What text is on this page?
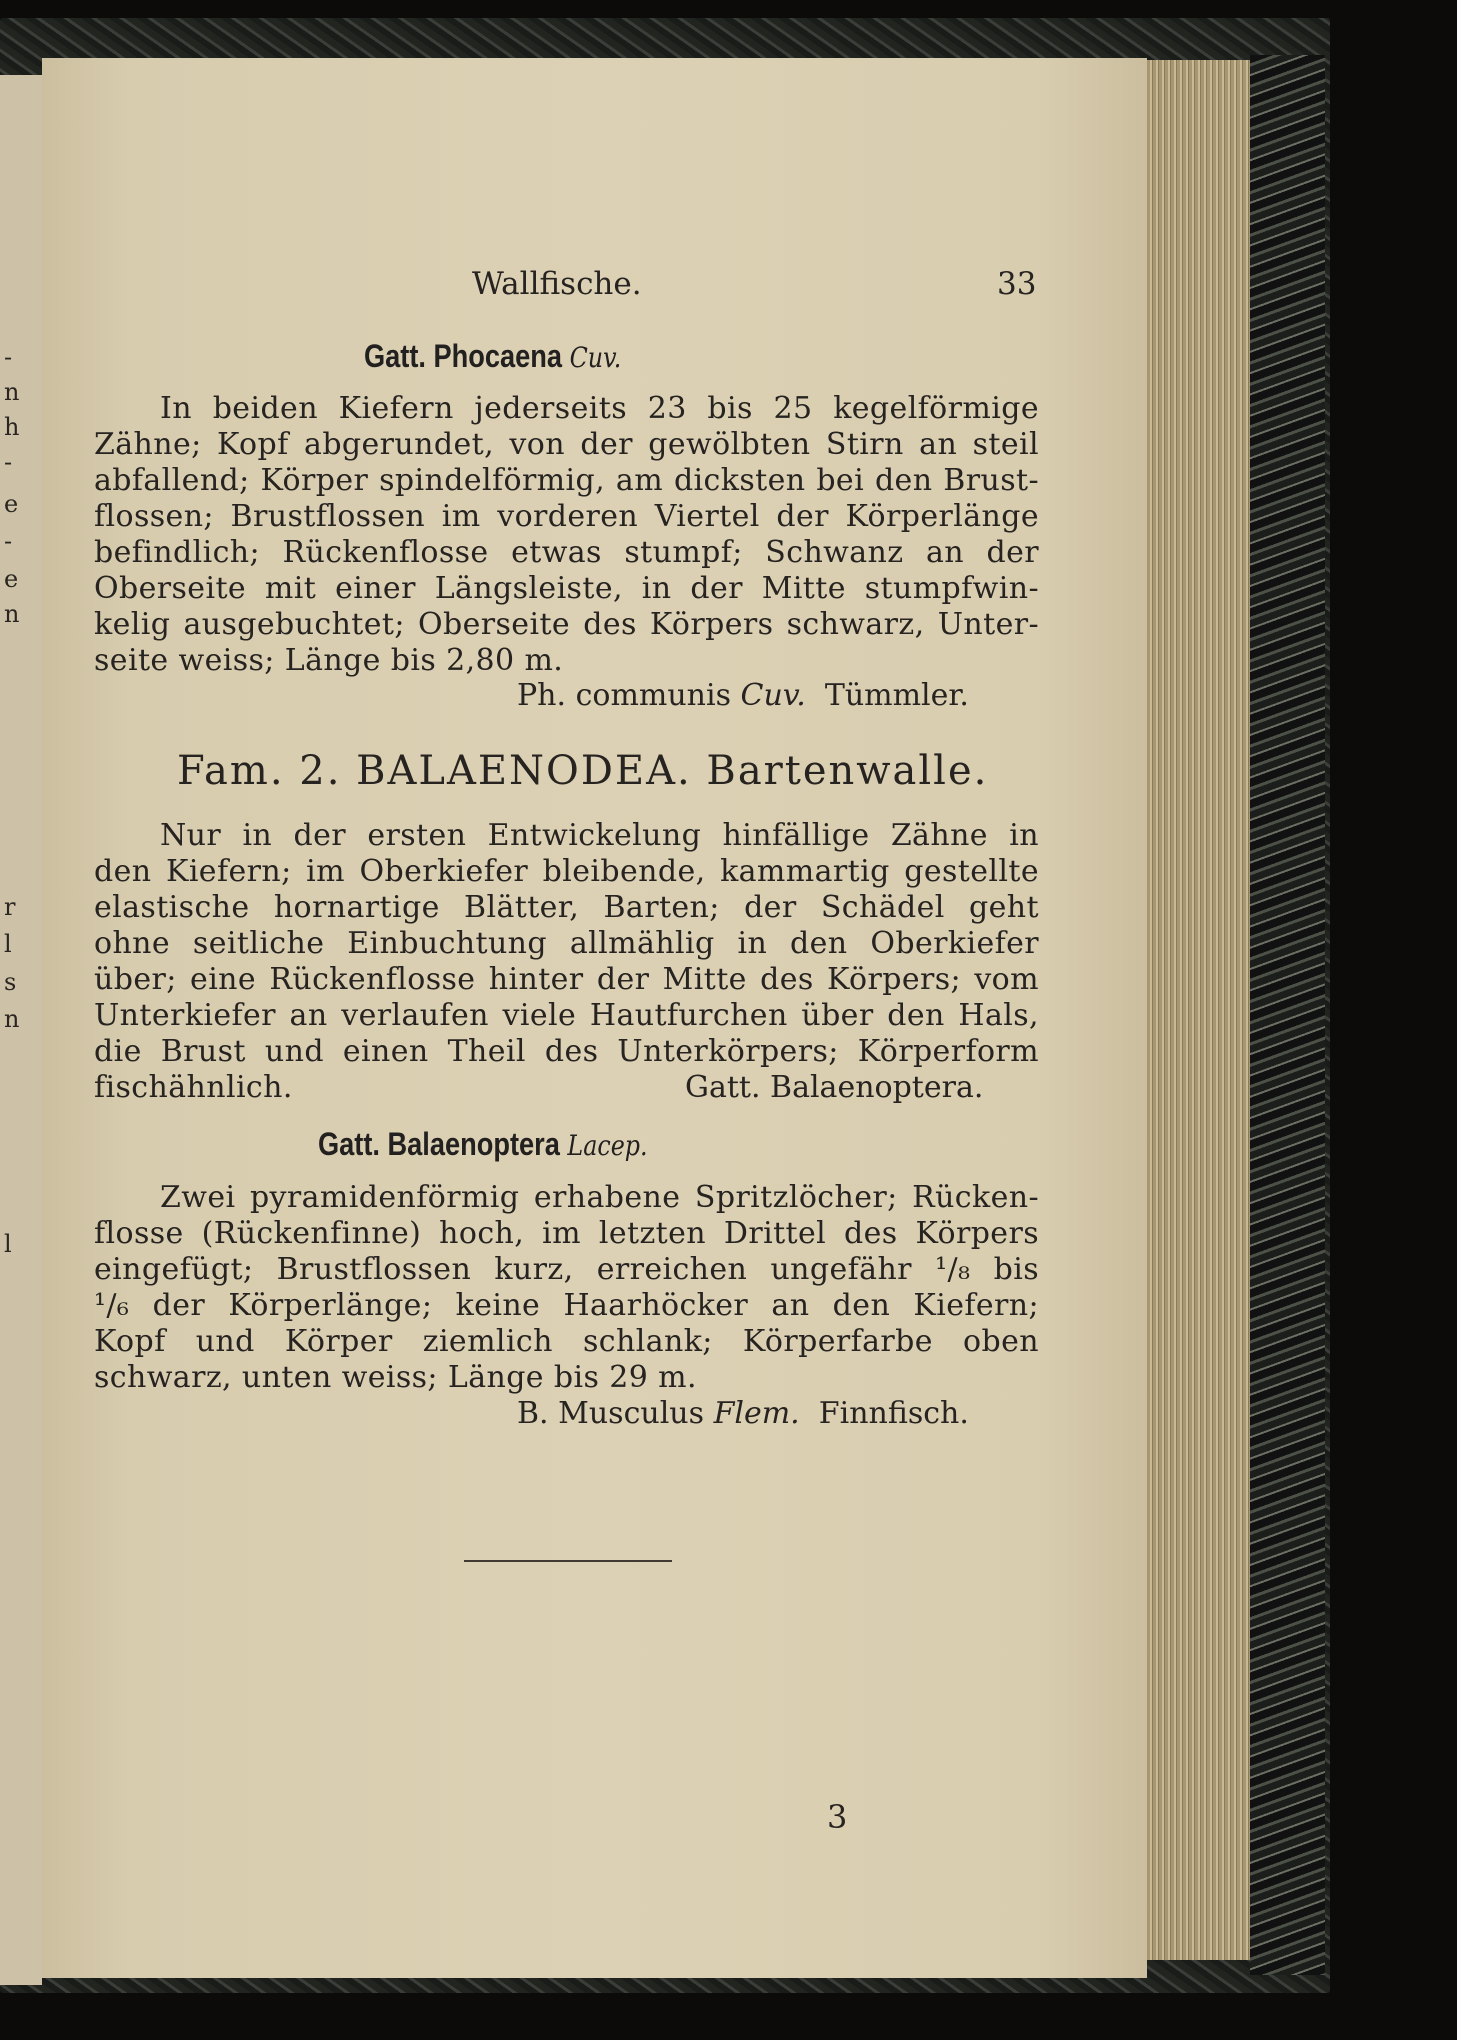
-
n
h
-
e
-
e
n
r
l
s
n
l
Wallfische.	33
Gatt. Phocaena Cuv.
In beiden Kiefern jederseits 23 bis 25 kegelförmige
Zähne; Kopf abgerundet, von der gewölbten Stirn an steil
abfallend; Körper spindelförmig, am dicksten bei den Brust-
flossen; Brustflossen im vorderen Viertel der Körperlänge
befindlich; Rückenflosse etwas stumpf; Schwanz an der
Oberseite mit einer Längsleiste, in der Mitte stumpfwin-
kelig ausgebuchtet; Oberseite des Körpers schwarz, Unter-
seite weiss; Länge bis 2,80 m.
Ph. communis Cuv. Tümmler.
Fam. 2. BALAENODEA. Bartenwalle.
Nur in der ersten Entwickelung hinfällige Zähne in
den Kiefern; im Oberkiefer bleibende, kammartig gestellte
elastische hornartige Blätter, Barten; der Schädel geht
ohne seitliche Einbuchtung allmählig in den Oberkiefer
über; eine Rückenflosse hinter der Mitte des Körpers; vom
Unterkiefer an verlaufen viele Hautfurchen über den Hals,
die Brust und einen Theil des Unterkörpers; Körperform
fischähnlich.	Gatt. Balaenoptera.
Gatt. Balaenoptera Lacep.
Zwei pyramidenförmig erhabene Spritzlöcher; Rücken-
flosse (Rückenfinne) hoch, im letzten Drittel des Körpers
eingefügt; Brustflossen kurz, erreichen ungefähr ¹/₈ bis
¹/₆ der Körperlänge; keine Haarhöcker an den Kiefern;
Kopf und Körper ziemlich schlank; Körperfarbe oben
schwarz, unten weiss; Länge bis 29 m.
B. Musculus Flem. Finnfisch.
3
